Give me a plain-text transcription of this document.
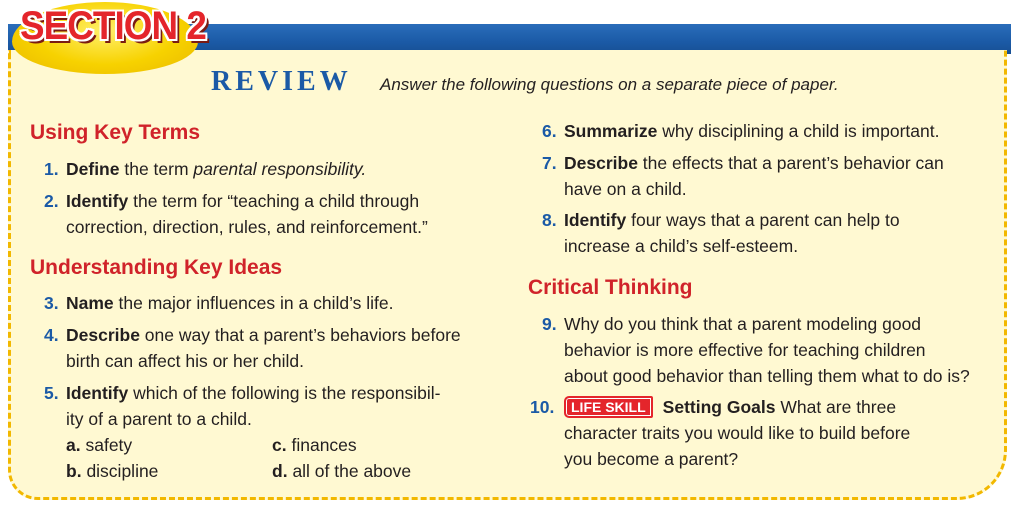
SECTION 2
REVIEW Answer the following questions on a separate piece of paper.
Using Key Terms
1. Define the term parental responsibility.
2. Identify the term for “teaching a child through
correction, direction, rules, and reinforcement.”
Understanding Key Ideas
3. Name the major influences in a child’s life.
4. Describe one way that a parent’s behaviors before
birth can affect his or her child.
5. Identify which of the following is the responsibil-
ity of a parent to a child.
a. safety
b. discipline
c. finances
d. all of the above
6. Summarize why disciplining a child is important.
7. Describe the effects that a parent’s behavior can
have on a child.
8. Identify four ways that a parent can help to
increase a child’s self-esteem.
Critical Thinking
9. Why do you think that a parent modeling good
behavior is more effective for teaching children
about good behavior than telling them what to do is?
10.	LIFE SKILL Setting Goals What are three
character traits you would like to build before
you become a parent?
